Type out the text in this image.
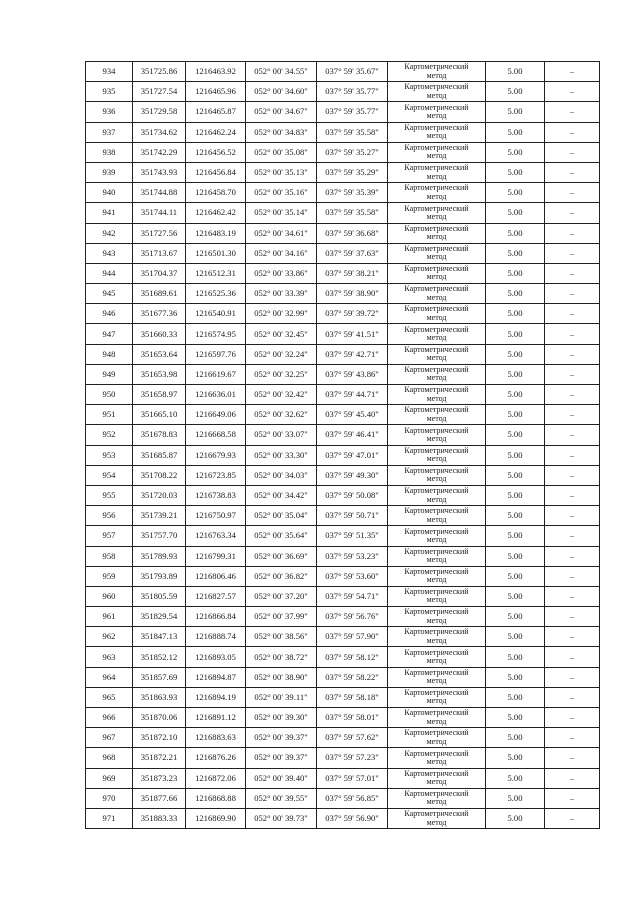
934	351725.86	1216463.92	052° 00' 34.55"	037° 59' 35.67"	Картометрический
метод	5.00	–
935	351727.54	1216465.96	052° 00' 34.60"	037° 59' 35.77"	Картометрический
метод	5.00	–
936	351729.58	1216465.87	052° 00' 34.67"	037° 59' 35.77"	Картометрический
метод	5.00	–
937	351734.62	1216462.24	052° 00' 34.83"	037° 59' 35.58"	Картометрический
метод	5.00	–
938	351742.29	1216456.52	052° 00' 35.08"	037° 59' 35.27"	Картометрический
метод	5.00	–
939	351743.93	1216456.84	052° 00' 35.13"	037° 59' 35.29"	Картометрический
метод	5.00	–
940	351744.88	1216458.70	052° 00' 35.16"	037° 59' 35.39"	Картометрический
метод	5.00	–
941	351744.11	1216462.42	052° 00' 35.14"	037° 59' 35.58"	Картометрический
метод	5.00	–
942	351727.56	1216483.19	052° 00' 34.61"	037° 59' 36.68"	Картометрический
метод	5.00	–
943	351713.67	1216501.30	052° 00' 34.16"	037° 59' 37.63"	Картометрический
метод	5.00	–
944	351704.37	1216512.31	052° 00' 33.86"	037° 59' 38.21"	Картометрический
метод	5.00	–
945	351689.61	1216525.36	052° 00' 33.39"	037° 59' 38.90"	Картометрический
метод	5.00	–
946	351677.36	1216540.91	052° 00' 32.99"	037° 59' 39.72"	Картометрический
метод	5.00	–
947	351660.33	1216574.95	052° 00' 32.45"	037° 59' 41.51"	Картометрический
метод	5.00	–
948	351653.64	1216597.76	052° 00' 32.24"	037° 59' 42.71"	Картометрический
метод	5.00	–
949	351653.98	1216619.67	052° 00' 32.25"	037° 59' 43.86"	Картометрический
метод	5.00	–
950	351658.97	1216636.01	052° 00' 32.42"	037° 59' 44.71"	Картометрический
метод	5.00	–
951	351665.10	1216649.06	052° 00' 32.62"	037° 59' 45.40"	Картометрический
метод	5.00	–
952	351678.83	1216668.58	052° 00' 33.07"	037° 59' 46.41"	Картометрический
метод	5.00	–
953	351685.87	1216679.93	052° 00' 33.30"	037° 59' 47.01"	Картометрический
метод	5.00	–
954	351708.22	1216723.85	052° 00' 34.03"	037° 59' 49.30"	Картометрический
метод	5.00	–
955	351720.03	1216738.83	052° 00' 34.42"	037° 59' 50.08"	Картометрический
метод	5.00	–
956	351739.21	1216750.97	052° 00' 35.04"	037° 59' 50.71"	Картометрический
метод	5.00	–
957	351757.70	1216763.34	052° 00' 35.64"	037° 59' 51.35"	Картометрический
метод	5.00	–
958	351789.93	1216799.31	052° 00' 36.69"	037° 59' 53.23"	Картометрический
метод	5.00	–
959	351793.89	1216806.46	052° 00' 36.82"	037° 59' 53.60"	Картометрический
метод	5.00	–
960	351805.59	1216827.57	052° 00' 37.20"	037° 59' 54.71"	Картометрический
метод	5.00	–
961	351829.54	1216866.84	052° 00' 37.99"	037° 59' 56.76"	Картометрический
метод	5.00	–
962	351847.13	1216888.74	052° 00' 38.56"	037° 59' 57.90"	Картометрический
метод	5.00	–
963	351852.12	1216893.05	052° 00' 38.72"	037° 59' 58.12"	Картометрический
метод	5.00	–
964	351857.69	1216894.87	052° 00' 38.90"	037° 59' 58.22"	Картометрический
метод	5.00	–
965	351863.93	1216894.19	052° 00' 39.11"	037° 59' 58.18"	Картометрический
метод	5.00	–
966	351870.06	1216891.12	052° 00' 39.30"	037° 59' 58.01"	Картометрический
метод	5.00	–
967	351872.10	1216883.63	052° 00' 39.37"	037° 59' 57.62"	Картометрический
метод	5.00	–
968	351872.21	1216876.26	052° 00' 39.37"	037° 59' 57.23"	Картометрический
метод	5.00	–
969	351873.23	1216872.06	052° 00' 39.40"	037° 59' 57.01"	Картометрический
метод	5.00	–
970	351877.66	1216868.88	052° 00' 39.55"	037° 59' 56.85"	Картометрический
метод	5.00	–
971	351883.33	1216869.90	052° 00' 39.73"	037° 59' 56.90"	Картометрический
метод	5.00	–
